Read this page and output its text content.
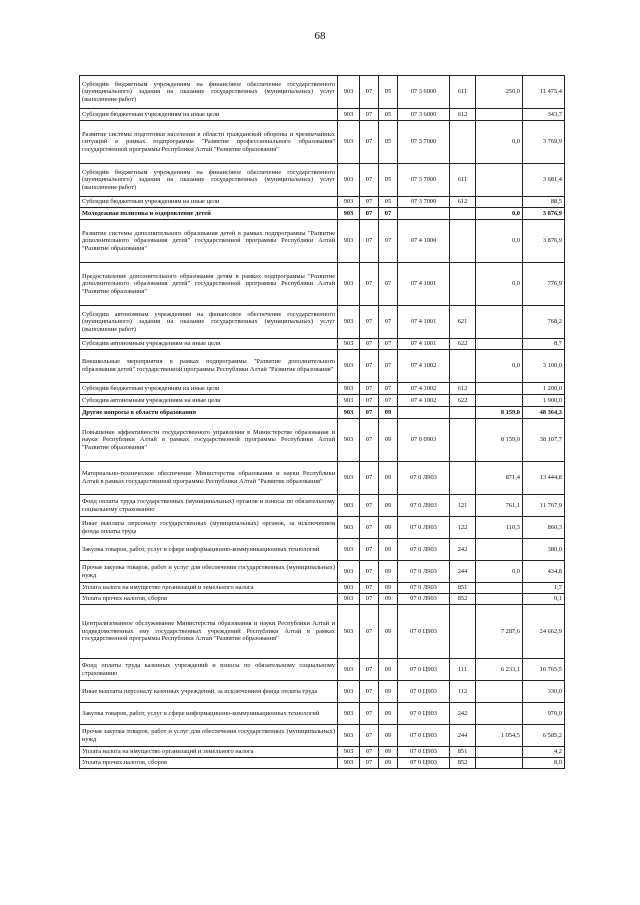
68
Субсидии бюджетным учреждениям на финансовое обеспечение государственного (муниципального) задания на оказание государственных (муниципальных) услуг (выполнение работ)	903	07	05	07 3 6000	611	250,0	11 475,4
Субсидии бюджетным учреждениям на иные цели	903	07	05	07 3 6000	612		343,7
Развитие системы подготовки населения в области гражданской обороны и чрезвычайных ситуаций в рамках подпрограммы "Развитие профессионального образования" государственной программы Республики Алтай "Развитие образования"	903	07	05	07 3 7000		0,0	3 769,9
Субсидии бюджетным учреждениям на финансовое обеспечение государственного (муниципального) задания на оказание государственных (муниципальных) услуг (выполнение работ)	903	07	05	07 3 7000	611		3 681,4
Субсидии бюджетным учреждениям на иные цели	903	07	05	07 3 7000	612		88,5
Молодежная политика и оздоровление детей	903	07	07			0,0	3 876,9
Развитие системы дополнительного образования детей в рамках подпрограммы "Развитие дополнительного образования детей" государственной программы Республики Алтай "Развитие образования"	903	07	07	07 4 1000		0,0	3 876,9
Предоставление дополнительного образования детям в рамках подпрограммы "Развитие дополнительного образования детей" государственной программы Республики Алтай "Развитие образования"	903	07	07	07 4 1001		0,0	776,9
Субсидии автономным учреждениям на финансовое обеспечение государственного (муниципального) задания на оказание государственных (муниципальных) услуг (выполнение работ)	903	07	07	07 4 1001	621		768,2
Субсидии автономным учреждениям на иные цели	903	07	07	07 4 1001	622		8,7
Внешкольные мероприятия в рамках подпрограммы "Развитие дополнительного образования детей" государственной программы Республики Алтай "Развитие образования"	903	07	07	07 4 1002		0,0	3 100,0
Субсидии бюджетным учреждениям на иные цели	903	07	07	07 4 1002	612		1 200,0
Субсидии автономным учреждениям на иные цели	903	07	07	07 4 1002	622		1 900,0
Другие вопросы в области образования	903	07	09			8 159,0	48 364,3
Повышение эффективности государственного управления в Министерстве образования и науки Республики Алтай в рамках государственной программы Республики Алтай "Развитие образования"	903	07	09	07 0 0903		8 159,0	38 107,7
Материально-техническое обеспечение Министерства образования и науки Республики Алтай в рамках государственной программы Республики Алтай "Развитие образования"	903	07	09	07 0 Л903		871,4	13 444,8
Фонд оплаты труда государственных (муниципальных) органов и взносы по обязательному социальному страхованию	903	07	09	07 0 Л903	121	761,1	11 767,9
Иные выплаты персоналу государственных (муниципальных) органов, за исключением фонда оплаты труда	903	07	09	07 0 Л903	122	110,3	860,3
Закупка товаров, работ, услуг в сфере информационно-коммуникационных технологий	903	07	09	07 0 Л903	242		380,0
Прочая закупка товаров, работ и услуг для обеспечения государственных (муниципальных) нужд	903	07	09	07 0 Л903	244	0,0	434,8
Уплата налога на имущество организаций и земельного налога	903	07	09	07 0 Л903	851		1,7
Уплата прочих налогов, сборов	903	07	09	07 0 Л903	852		0,1
Централизованное обслуживание Министерства образования и науки Республики Алтай и подведомственных ему государственных учреждений Республики Алтай в рамках государственной программы Республики Алтай "Развитие образования"	903	07	09	07 0 Ц903		7 287,6	24 662,9
Фонд оплаты труда казенных учреждений и взносы по обязательному социальному страхованию	903	07	09	07 0 Ц903	111	6 233,1	16 765,5
Иные выплаты персоналу казенных учреждений, за исключением фонда оплаты труда	903	07	09	07 0 Ц903	112		330,0
Закупка товаров, работ, услуг в сфере информационно-коммуникационных технологий	903	07	09	07 0 Ц903	242		970,0
Прочая закупка товаров, работ и услуг для обеспечения государственных (муниципальных) нужд	903	07	09	07 0 Ц903	244	1 054,5	6 585,2
Уплата налога на имущество организаций и земельного налога	903	07	09	07 0 Ц903	851		4,2
Уплата прочих налогов, сборов	903	07	09	07 0 Ц903	852		8,0
